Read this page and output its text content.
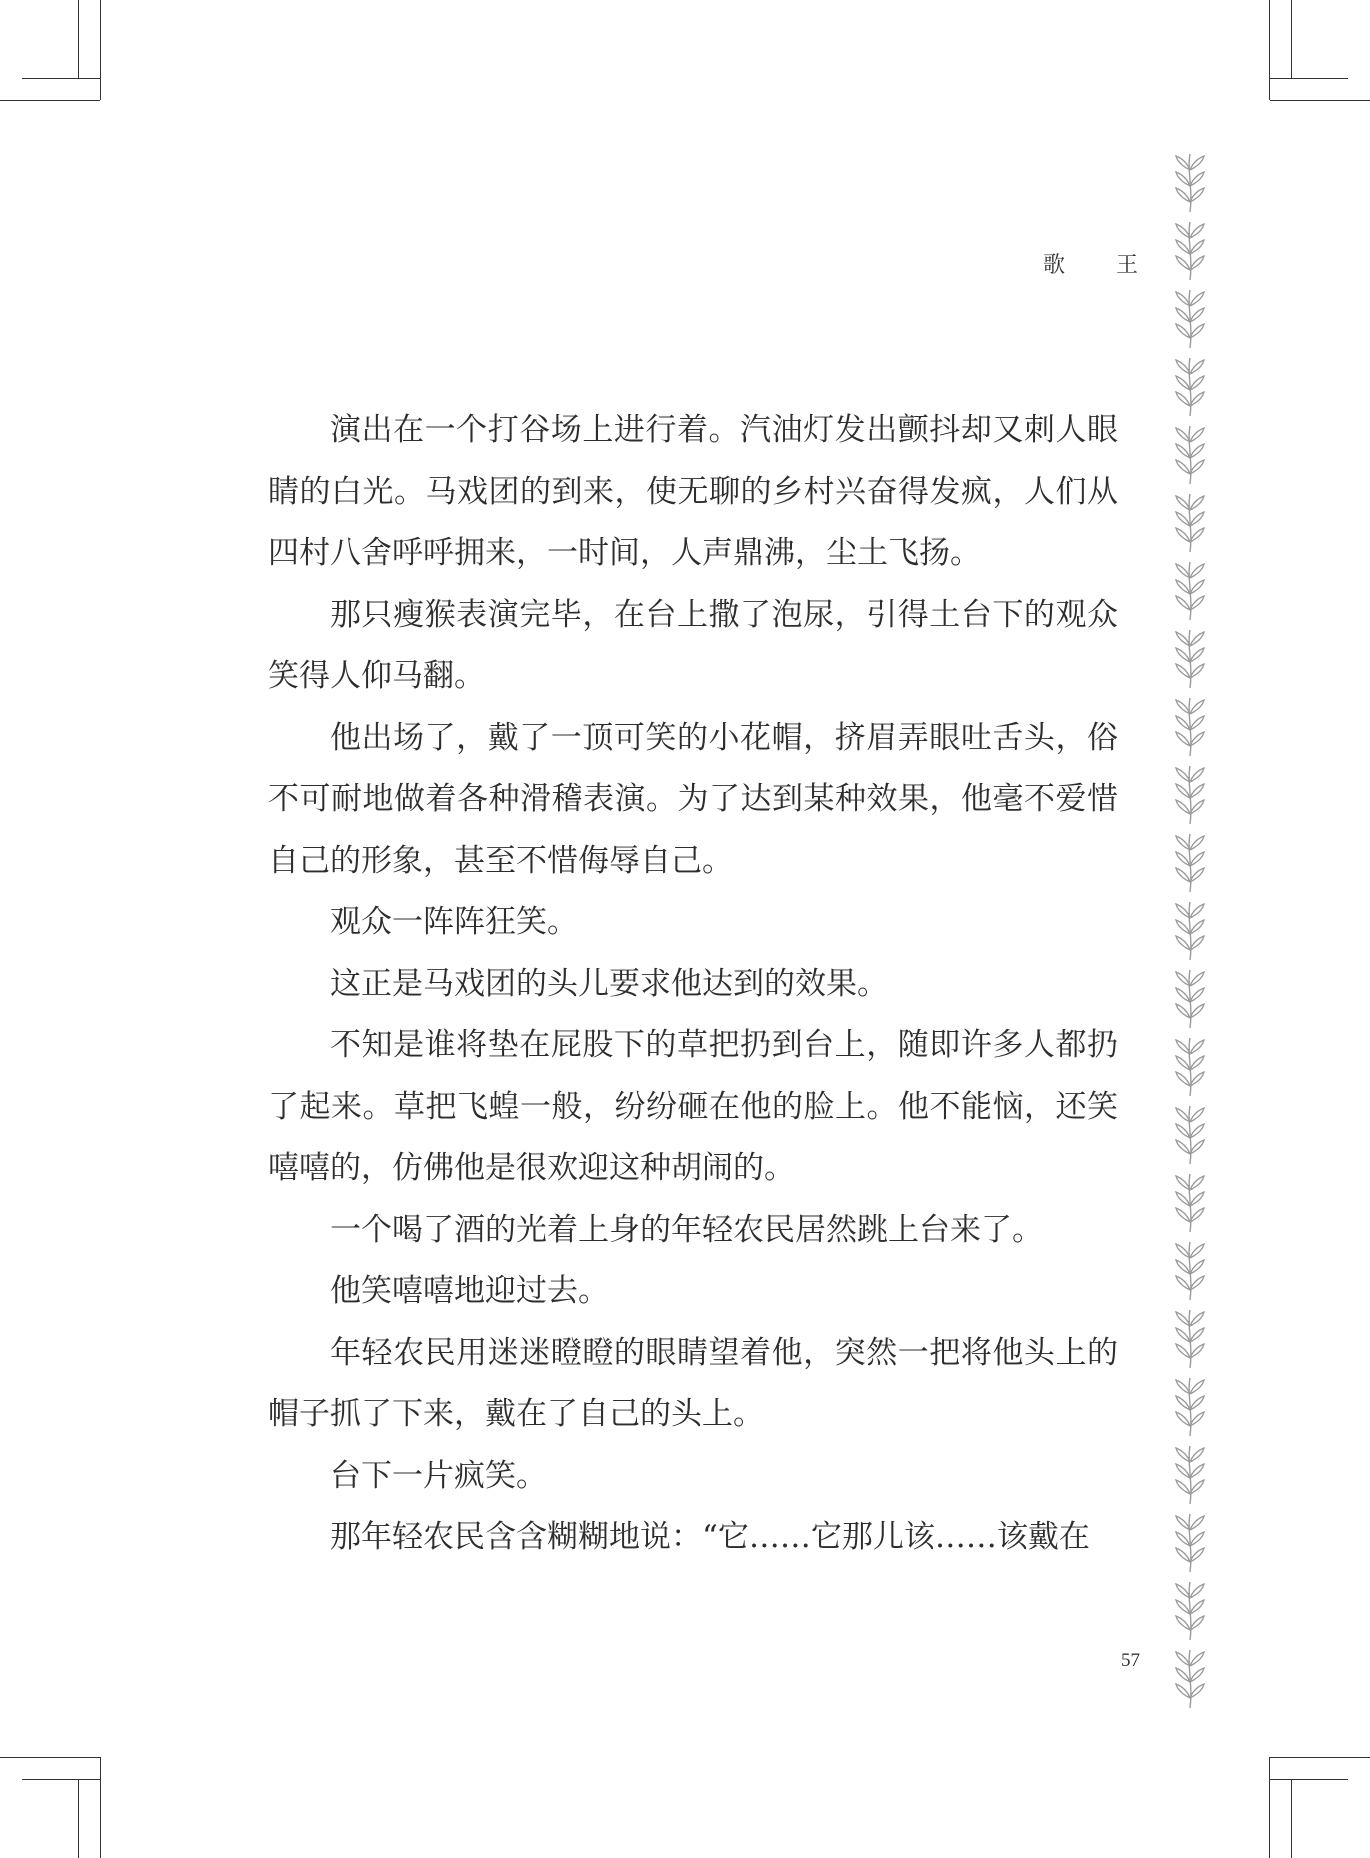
歌 王

演出在一个打谷场上进行着。汽油灯发出颤抖却又刺人眼睛的白光。马戏团的到来，使无聊的乡村兴奋得发疯，人们从四村八舍呼呼拥来，一时间，人声鼎沸，尘土飞扬。

那只瘦猴表演完毕，在台上撒了泡尿，引得土台下的观众笑得人仰马翻。

他出场了，戴了一顶可笑的小花帽，挤眉弄眼吐舌头，俗不可耐地做着各种滑稽表演。为了达到某种效果，他毫不爱惜自己的形象，甚至不惜侮辱自己。

观众一阵阵狂笑。

这正是马戏团的头儿要求他达到的效果。

不知是谁将垫在屁股下的草把扔到台上，随即许多人都扔了起来。草把飞蝗一般，纷纷砸在他的脸上。他不能恼，还笑嘻嘻的，仿佛他是很欢迎这种胡闹的。

一个喝了酒的光着上身的年轻农民居然跳上台来了。

他笑嘻嘻地迎过去。

年轻农民用迷迷瞪瞪的眼睛望着他，突然一把将他头上的帽子抓了下来，戴在了自己的头上。

台下一片疯笑。

那年轻农民含含糊糊地说：“它……它那儿该……该戴在

57
